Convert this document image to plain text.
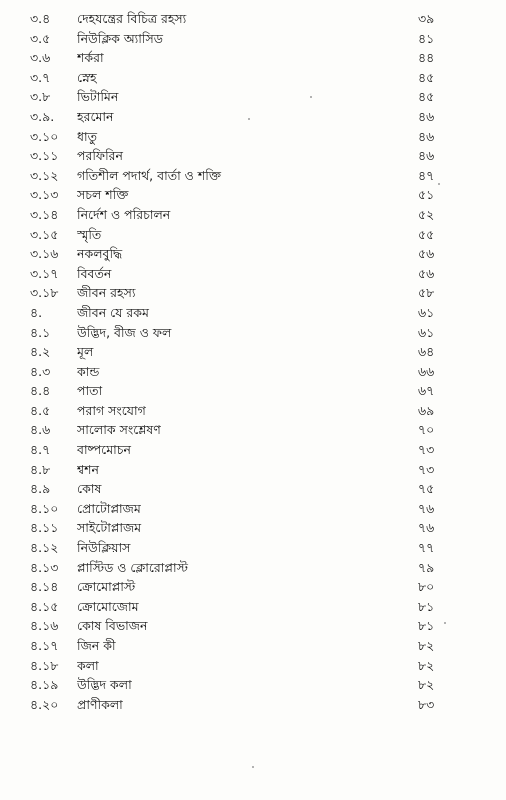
৩.৪	দেহযন্ত্রের বিচিত্র রহস্য	৩৯
৩.৫	নিউক্লিক অ্যাসিড	৪১
৩.৬	শর্করা	৪৪
৩.৭	স্নেহ	৪৫
৩.৮	ভিটামিন	৪৫
৩.৯.	হরমোন	৪৬
৩.১০	ধাতু	৪৬
৩.১১	পরফিরিন	৪৬
৩.১২	গতিশীল পদার্থ, বার্তা ও শক্তি	৪৭
৩.১৩	সচল শক্তি	৫১
৩.১৪	নির্দেশ ও পরিচালন	৫২
৩.১৫	স্মৃতি	৫৫
৩.১৬	নকলবুদ্ধি	৫৬
৩.১৭	বিবর্তন	৫৬
৩.১৮	জীবন রহস্য	৫৮
৪.	জীবন যে রকম	৬১
৪.১	উদ্ভিদ, বীজ ও ফল	৬১
৪.২	মূল	৬৪
৪.৩	কান্ড	৬৬
৪.৪	পাতা	৬৭
৪.৫	পরাগ সংযোগ	৬৯
৪.৬	সালোক সংশ্লেষণ	৭০
৪.৭	বাষ্পমোচন	৭৩
৪.৮	শ্বশন	৭৩
৪.৯	কোষ	৭৫
৪.১০	প্রোটোপ্লাজম	৭৬
৪.১১	সাইটোপ্লাজম	৭৬
৪.১২	নিউক্লিয়াস	৭৭
৪.১৩	প্লাস্টিড ও ক্লোরোপ্লাস্ট	৭৯
৪.১৪	ক্রোমোপ্লাস্ট	৮০
৪.১৫	ক্রোমোজোম	৮১
৪.১৬	কোষ বিভাজন	৮১
৪.১৭	জিন কী	৮২
৪.১৮	কলা	৮২
৪.১৯	উদ্ভিদ কলা	৮২
৪.২০	প্রাণীকলা	৮৩
